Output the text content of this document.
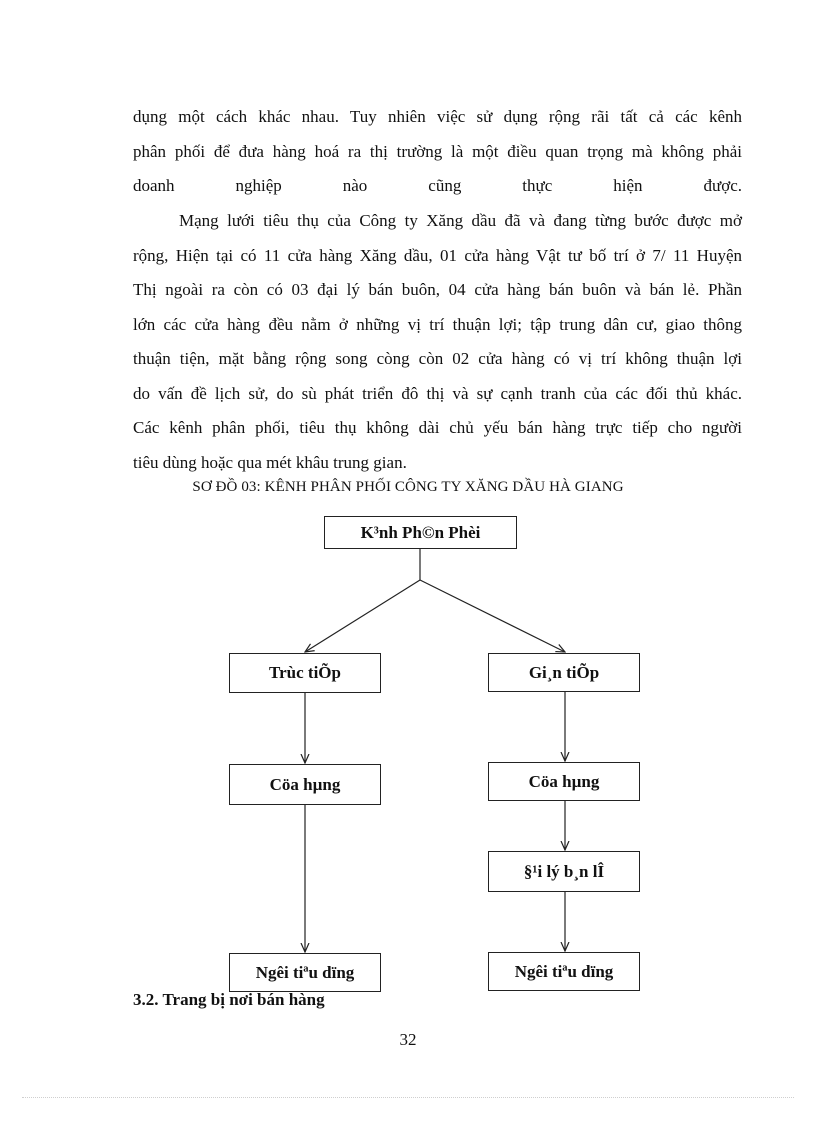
dụng một cách khác nhau. Tuy nhiên việc sử dụng rộng rãi tất cả các kênh
phân phối để đưa hàng hoá ra thị trường là một điều quan trọng mà không phải
doanh nghiệp nào cũng thực hiện được.
Mạng lưới tiêu thụ của Công ty Xăng dầu đã và đang từng bước được mở
rộng, Hiện tại có 11 cửa hàng Xăng dầu, 01 cửa hàng Vật tư bố trí ở 7/ 11 Huyện
Thị ngoài ra còn có 03 đại lý bán buôn, 04 cửa hàng bán buôn và bán lẻ. Phần
lớn các cửa hàng đều nằm ở những vị trí thuận lợi; tập trung dân cư, giao thông
thuận tiện, mặt bằng rộng song còng còn 02 cửa hàng có vị trí không thuận lợi
do vấn đề lịch sử, do sù phát triển đô thị và sự cạnh tranh của các đối thủ khác.
Các kênh phân phối, tiêu thụ không dài chủ yếu bán hàng trực tiếp cho người
tiêu dùng hoặc qua mét khâu trung gian.
SƠ ĐỒ 03: KÊNH PHÂN PHỐI CÔNG TY XĂNG DẦU HÀ GIANG
K³nh Ph©n Phèi
Trùc tiÕp
Cöa hµng
Ngêi tiªu dïng
Gi¸n tiÕp
Cöa hµng
§¹i lý b¸n lÎ
Ngêi tiªu dïng
3.2. Trang bị nơi bán hàng
32
